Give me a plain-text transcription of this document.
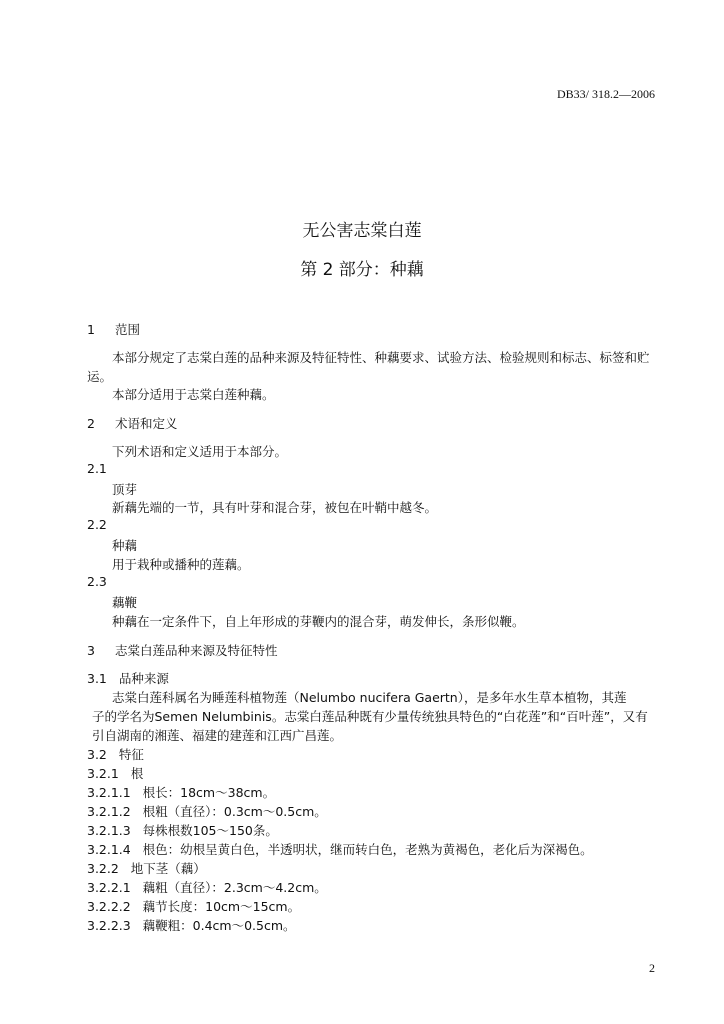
DB33/ 318.2—2006
无公害志棠白莲
第 2 部分：种藕
1 范围
本部分规定了志棠白莲的品种来源及特征特性、种藕要求、试验方法、检验规则和标志、标签和贮
运。
本部分适用于志棠白莲种藕。
2 术语和定义
下列术语和定义适用于本部分。
2.1
顶芽
新藕先端的一节，具有叶芽和混合芽，被包在叶鞘中越冬。
2.2
种藕
用于栽种或播种的莲藕。
2.3
藕鞭
种藕在一定条件下，自上年形成的芽鞭内的混合芽，萌发伸长，条形似鞭。
3 志棠白莲品种来源及特征特性
3.1 品种来源
志棠白莲科属名为睡莲科植物莲（Nelumbo nucifera Gaertn），是多年水生草本植物，其莲
子的学名为Semen Nelumbinis。志棠白莲品种既有少量传统独具特色的“白花莲”和“百叶莲”，又有
引自湖南的湘莲、福建的建莲和江西广昌莲。
3.2 特征
3.2.1 根
3.2.1.1 根长：18cm～38cm。
3.2.1.2 根粗（直径）：0.3cm～0.5cm。
3.2.1.3 每株根数105～150条。
3.2.1.4 根色：幼根呈黄白色，半透明状，继而转白色，老熟为黄褐色，老化后为深褐色。
3.2.2 地下茎（藕）
3.2.2.1 藕粗（直径）：2.3cm～4.2cm。
3.2.2.2 藕节长度：10cm～15cm。
3.2.2.3 藕鞭粗：0.4cm～0.5cm。
2
